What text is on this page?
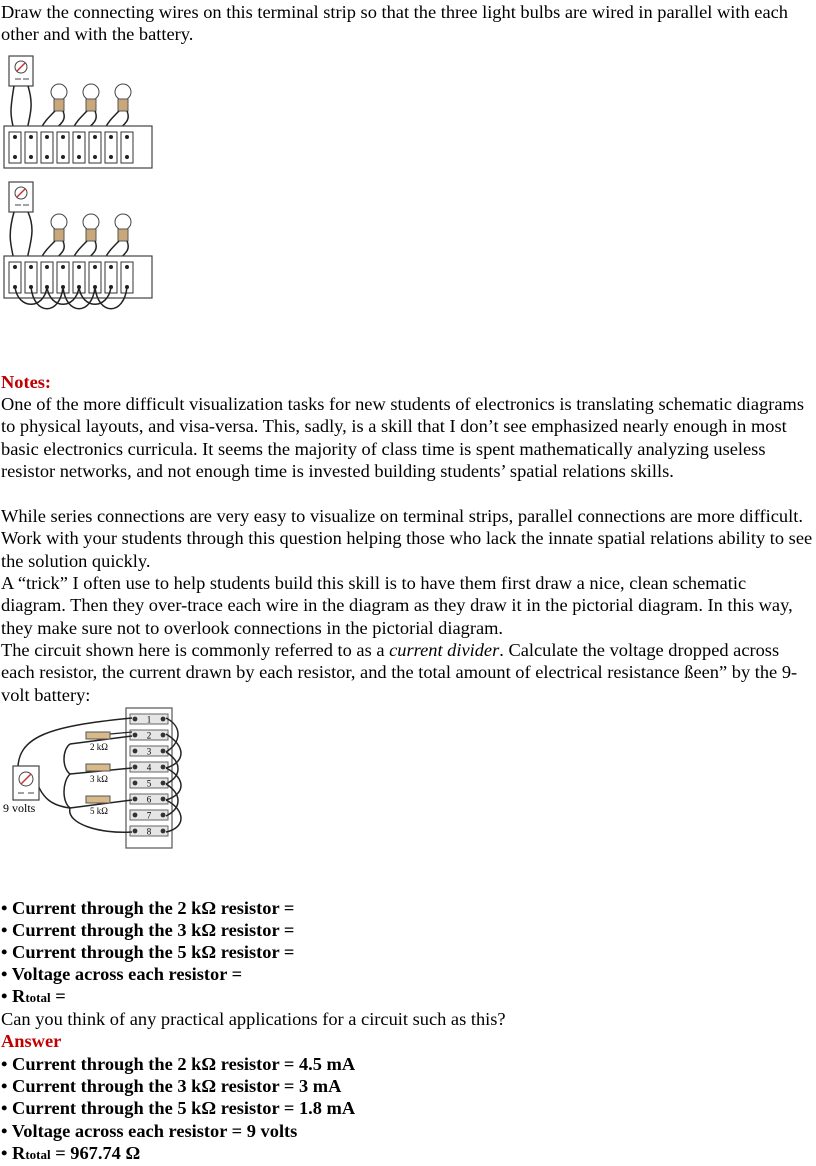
Draw the connecting wires on this terminal strip so that the three light bulbs are wired in parallel with each other and with the battery.

Notes:

One of the more difficult visualization tasks for new students of electronics is translating schematic diagrams to physical layouts, and visa-versa. This, sadly, is a skill that I don’t see emphasized nearly enough in most basic electronics curricula. It seems the majority of class time is spent mathematically analyzing useless resistor networks, and not enough time is invested building students’ spatial relations skills.

While series connections are very easy to visualize on terminal strips, parallel connections are more difficult. Work with your students through this question helping those who lack the innate spatial relations ability to see the solution quickly.

A “trick” I often use to help students build this skill is to have them first draw a nice, clean schematic diagram. Then they over-trace each wire in the diagram as they draw it in the pictorial diagram. In this way, they make sure not to overlook connections in the pictorial diagram.

The circuit shown here is commonly referred to as a current divider. Calculate the voltage dropped across each resistor, the current drawn by each resistor, and the total amount of electrical resistance ßeen” by the 9-volt battery:

1
2
3
4
5
6
7
8
2 kΩ
3 kΩ
5 kΩ
9 volts

• Current through the 2 kΩ resistor =

• Current through the 3 kΩ resistor =

• Current through the 5 kΩ resistor =

• Voltage across each resistor =

• Rtotal =

Can you think of any practical applications for a circuit such as this?

Answer

• Current through the 2 kΩ resistor = 4.5 mA

• Current through the 3 kΩ resistor = 3 mA

• Current through the 5 kΩ resistor = 1.8 mA

• Voltage across each resistor = 9 volts

• Rtotal = 967.74 Ω
